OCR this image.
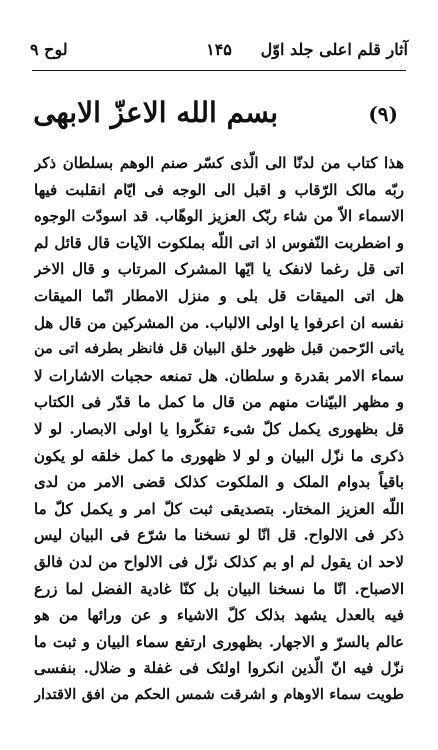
آثار قلم اعلی جلد اوّل
۱۴۵
لوح ۹
(۹)
بسم الله الاعزّ الابهی
هذا کتاب من لدنّا الی الّذی کسّر صنم الوهم بسلطان ذکر
ربّه مالک الرّقاب و اقبل الی الوجه فی ایّام انقلبت فیها
الاسماء الاّ من شاء ربّک العزیز الوهّاب. قد اسودّت الوجوه
و اضطربت النّفوس اذ اتی اللّه بملکوت الآیات قال قائل لم
اتی قل رغما لانفک یا ایّها المشرک المرتاب و قال الاخر
هل اتی المیقات قل بلی و منزل الامطار انّما المیقات
نفسه ان اعرفوا یا اولی الالباب. من المشرکین من قال هل
یاتی الرّحمن قبل ظهور خلق البیان قل فانظر بطرفه اتی من
سماء الامر بقدرة و سلطان. هل تمنعه حجبات الاشارات لا
و مظهر البیّنات منهم من قال ما کمل ما قدّر فی الکتاب
قل بظهوری یکمل کلّ شیء تفکّروا یا اولی الابصار. لو لا
ذکری ما نزّل البیان و لو لا ظهوری ما کمل خلقه لو یکون
باقیاً بدوام الملک و الملکوت کذلک قضی الامر من لدی
اللّه العزیز المختار. بتصدیقی ثبت کلّ امر و یکمل کلّ ما
ذکر فی الالواح. قل انّا لو نسخنا ما شرّع فی البیان لیس
لاحد ان یقول لم او بم کذلک نزّل فی الالواح من لدن فالق
الاصباح. انّا ما نسخنا البیان بل کنّا غادیة الفضل لما زرع
فیه بالعدل یشهد بذلک کلّ الاشیاء و عن ورائها من هو
عالم بالسرّ و الاجهار. بظهوری ارتفع سماء البیان و ثبت ما
نزّل فیه انّ الّذین انکروا اولئک فی غفلة و ضلال. بنفسی
طویت سماء الاوهام و اشرقت شمس الحکم من افق الاقتدار
